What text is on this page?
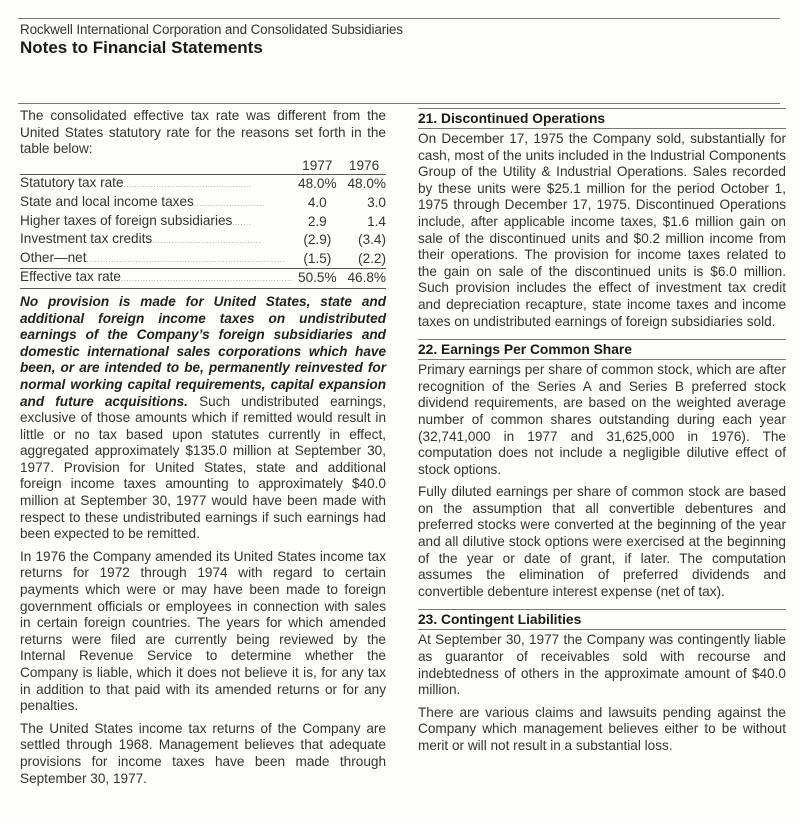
Rockwell International Corporation and Consolidated Subsidiaries
Notes to Financial Statements

The consolidated effective tax rate was different from the United States statutory rate for the reasons set forth in the table below:

	1977	1976
Statutory tax rate...............................................	48.0%	48.0%
State and local income taxes..........................	4.0	3.0
Higher taxes of foreign subsidiaries.......	2.9	1.4
Investment tax credits........................................	(2.9)	(3.4)
Other—net.........................................................................	(1.5)	(2.2)
Effective tax rate...............................................................	50.5%	46.8%

No provision is made for United States, state and additional foreign income taxes on undistributed earnings of the Company’s foreign subsidiaries and domestic international sales corporations which have been, or are intended to be, permanently reinvested for normal working capital requirements, capital expansion and future acquisitions. Such undistributed earnings, exclusive of those amounts which if remitted would result in little or no tax based upon statutes currently in effect, aggregated approximately $135.0 million at September 30, 1977. Provision for United States, state and additional foreign income taxes amounting to approximately $40.0 million at September 30, 1977 would have been made with respect to these undistributed earnings if such earnings had been expected to be remitted.

In 1976 the Company amended its United States income tax returns for 1972 through 1974 with regard to certain payments which were or may have been made to foreign government officials or employees in connection with sales in certain foreign countries. The years for which amended returns were filed are currently being reviewed by the Internal Revenue Service to determine whether the Company is liable, which it does not believe it is, for any tax in addition to that paid with its amended returns or for any penalties.

The United States income tax returns of the Company are settled through 1968. Management believes that adequate provisions for income taxes have been made through September 30, 1977.

21. Discontinued Operations

On December 17, 1975 the Company sold, substantially for cash, most of the units included in the Industrial Components Group of the Utility & Industrial Operations. Sales recorded by these units were $25.1 million for the period October 1, 1975 through December 17, 1975. Discontinued Operations include, after applicable income taxes, $1.6 million gain on sale of the discontinued units and $0.2 million income from their operations. The provision for income taxes related to the gain on sale of the discontinued units is $6.0 million. Such provision includes the effect of investment tax credit and depreciation recapture, state income taxes and income taxes on undistributed earnings of foreign subsidiaries sold.

22. Earnings Per Common Share

Primary earnings per share of common stock, which are after recognition of the Series A and Series B preferred stock dividend requirements, are based on the weighted average number of common shares outstanding during each year (32,741,000 in 1977 and 31,625,000 in 1976). The computation does not include a negligible dilutive effect of stock options.

Fully diluted earnings per share of common stock are based on the assumption that all convertible debentures and preferred stocks were converted at the beginning of the year and all dilutive stock options were exercised at the beginning of the year or date of grant, if later. The computation assumes the elimination of preferred dividends and convertible debenture interest expense (net of tax).

23. Contingent Liabilities

At September 30, 1977 the Company was contingently liable as guarantor of receivables sold with recourse and indebtedness of others in the approximate amount of $40.0 million.

There are various claims and lawsuits pending against the Company which management believes either to be without merit or will not result in a substantial loss.
